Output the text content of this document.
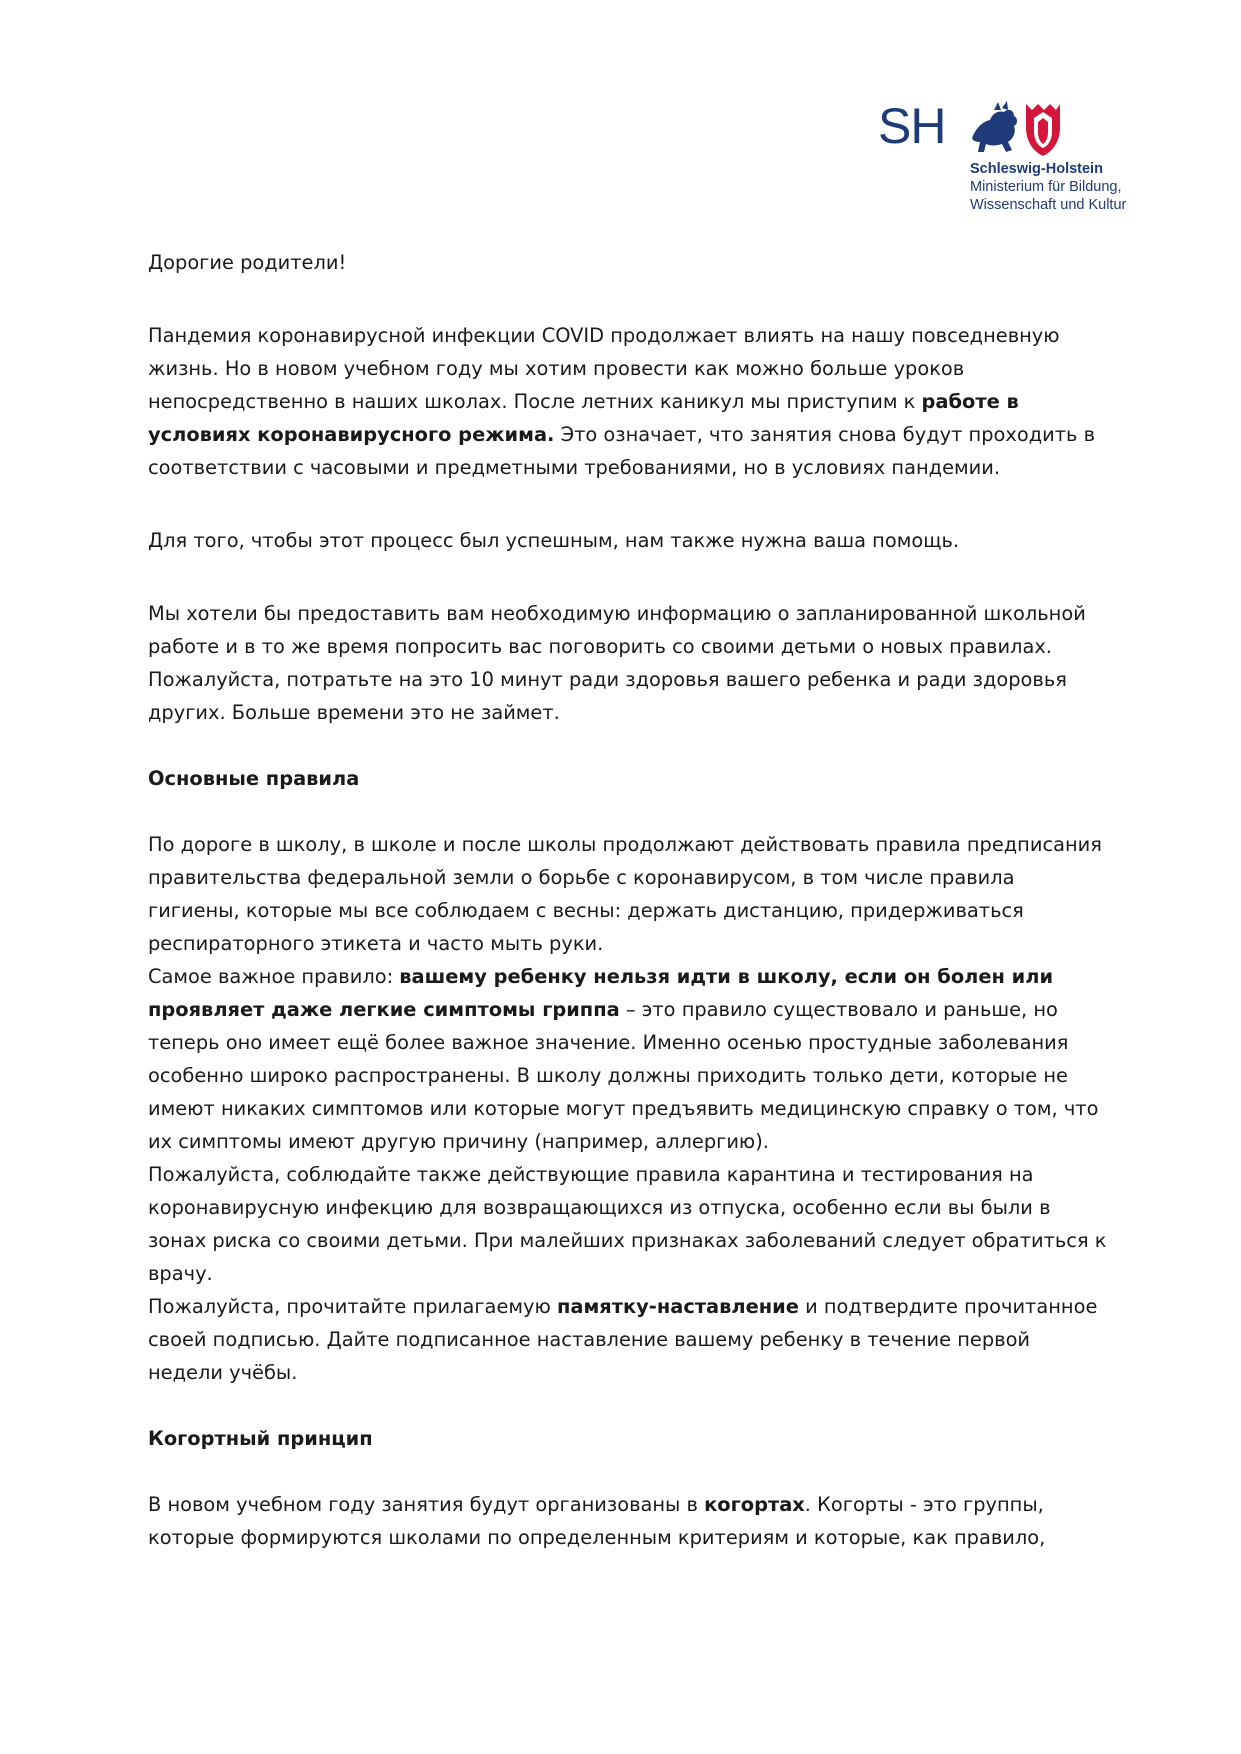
SH
Schleswig-Holstein
Ministerium für Bildung,
Wissenschaft und Kultur

Дорогие родители!

Пандемия коронавирусной инфекции COVID продолжает влиять на нашу повседневную жизнь. Но в новом учебном году мы хотим провести как можно больше уроков непосредственно в наших школах. После летних каникул мы приступим к работе в условиях коронавирусного режима. Это означает, что занятия снова будут проходить в соответствии с часовыми и предметными требованиями, но в условиях пандемии.

Для того, чтобы этот процесс был успешным, нам также нужна ваша помощь.

Мы хотели бы предоставить вам необходимую информацию о запланированной школьной работе и в то же время попросить вас поговорить со своими детьми о новых правилах. Пожалуйста, потратьте на это 10 минут ради здоровья вашего ребенка и ради здоровья других. Больше времени это не займет.

Основные правила

По дороге в школу, в школе и после школы продолжают действовать правила предписания правительства федеральной земли о борьбе с коронавирусом, в том числе правила гигиены, которые мы все соблюдаем с весны: держать дистанцию, придерживаться респираторного этикета и часто мыть руки.

Самое важное правило: вашему ребенку нельзя идти в школу, если он болен или проявляет даже легкие симптомы гриппа – это правило существовало и раньше, но теперь оно имеет ещё более важное значение. Именно осенью простудные заболевания особенно широко распространены. В школу должны приходить только дети, которые не имеют никаких симптомов или которые могут предъявить медицинскую справку о том, что их симптомы имеют другую причину (например, аллергию).

Пожалуйста, соблюдайте также действующие правила карантина и тестирования на коронавирусную инфекцию для возвращающихся из отпуска, особенно если вы были в зонах риска со своими детьми. При малейших признаках заболеваний следует обратиться к врачу.

Пожалуйста, прочитайте прилагаемую памятку-наставление и подтвердите прочитанное своей подписью. Дайте подписанное наставление вашему ребенку в течение первой недели учёбы.

Когортный принцип

В новом учебном году занятия будут организованы в когортах. Когорты - это группы, которые формируются школами по определенным критериям и которые, как правило,
